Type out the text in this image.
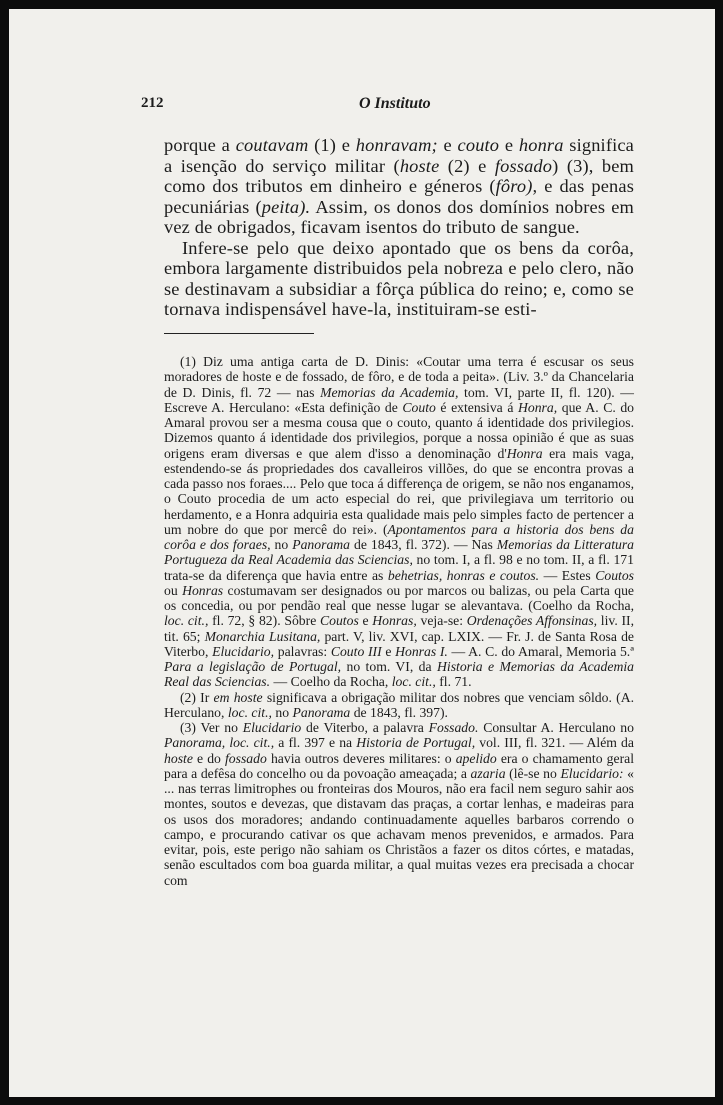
212	O Instituto

porque a coutavam (1) e honravam; e couto e honra significa a isenção do serviço militar (hoste (2) e fossado) (3), bem como dos tributos em dinheiro e géneros (fôro), e das penas pecuniárias (peita). Assim, os donos dos domínios nobres em vez de obrigados, ficavam isentos do tributo de sangue.

Infere-se pelo que deixo apontado que os bens da corôa, embora largamente distribuidos pela nobreza e pelo clero, não se destinavam a subsidiar a fôrça pública do reino; e, como se tornava indispensável have-la, instituiram-se esti-

(1) Diz uma antiga carta de D. Dinis: «Coutar uma terra é escusar os seus moradores de hoste e de fossado, de fôro, e de toda a peita». (Liv. 3.º da Chancelaria de D. Dinis, fl. 72 — nas Memorias da Academia, tom. VI, parte II, fl. 120). — Escreve A. Herculano: «Esta definição de Couto é extensiva á Honra, que A. C. do Amaral provou ser a mesma cousa que o couto, quanto á identidade dos privilegios. Dizemos quanto á identidade dos privilegios, porque a nossa opinião é que as suas origens eram diversas e que alem d'isso a denominação d'Honra era mais vaga, estendendo-se ás propriedades dos cavalleiros villões, do que se encontra provas a cada passo nos foraes.... Pelo que toca á differença de origem, se não nos enganamos, o Couto procedia de um acto especial do rei, que privilegiava um territorio ou herdamento, e a Honra adquiria esta qualidade mais pelo simples facto de pertencer a um nobre do que por mercê do rei». (Apontamentos para a historia dos bens da corôa e dos foraes, no Panorama de 1843, fl. 372). — Nas Memorias da Litteratura Portugueza da Real Academia das Sciencias, no tom. I, a fl. 98 e no tom. II, a fl. 171 trata-se da diferença que havia entre as behetrias, honras e coutos. — Estes Coutos ou Honras costumavam ser designados ou por marcos ou balizas, ou pela Carta que os concedia, ou por pendão real que nesse lugar se alevantava. (Coelho da Rocha, loc. cit., fl. 72, § 82). Sôbre Coutos e Honras, veja-se: Ordenações Affonsinas, liv. II, tit. 65; Monarchia Lusitana, part. V, liv. XVI, cap. LXIX. — Fr. J. de Santa Rosa de Viterbo, Elucidario, palavras: Couto III e Honras I. — A. C. do Amaral, Memoria 5.ª Para a legislação de Portugal, no tom. VI, da Historia e Memorias da Academia Real das Sciencias. — Coelho da Rocha, loc. cit., fl. 71.

(2) Ir em hoste significava a obrigação militar dos nobres que venciam sôldo. (A. Herculano, loc. cit., no Panorama de 1843, fl. 397).

(3) Ver no Elucidario de Viterbo, a palavra Fossado. Consultar A. Herculano no Panorama, loc. cit., a fl. 397 e na Historia de Portugal, vol. III, fl. 321. — Além da hoste e do fossado havia outros deveres militares: o apelido era o chamamento geral para a defêsa do concelho ou da povoação ameaçada; a azaria (lê-se no Elucidario: « ... nas terras limitrophes ou fronteiras dos Mouros, não era facil nem seguro sahir aos montes, soutos e devezas, que distavam das praças, a cortar lenhas, e madeiras para os usos dos moradores; andando continuadamente aquelles barbaros correndo o campo, e procurando cativar os que achavam menos prevenidos, e armados. Para evitar, pois, este perigo não sahiam os Christãos a fazer os ditos córtes, e matadas, senão escultados com boa guarda militar, a qual muitas vezes era precisada a chocar com
